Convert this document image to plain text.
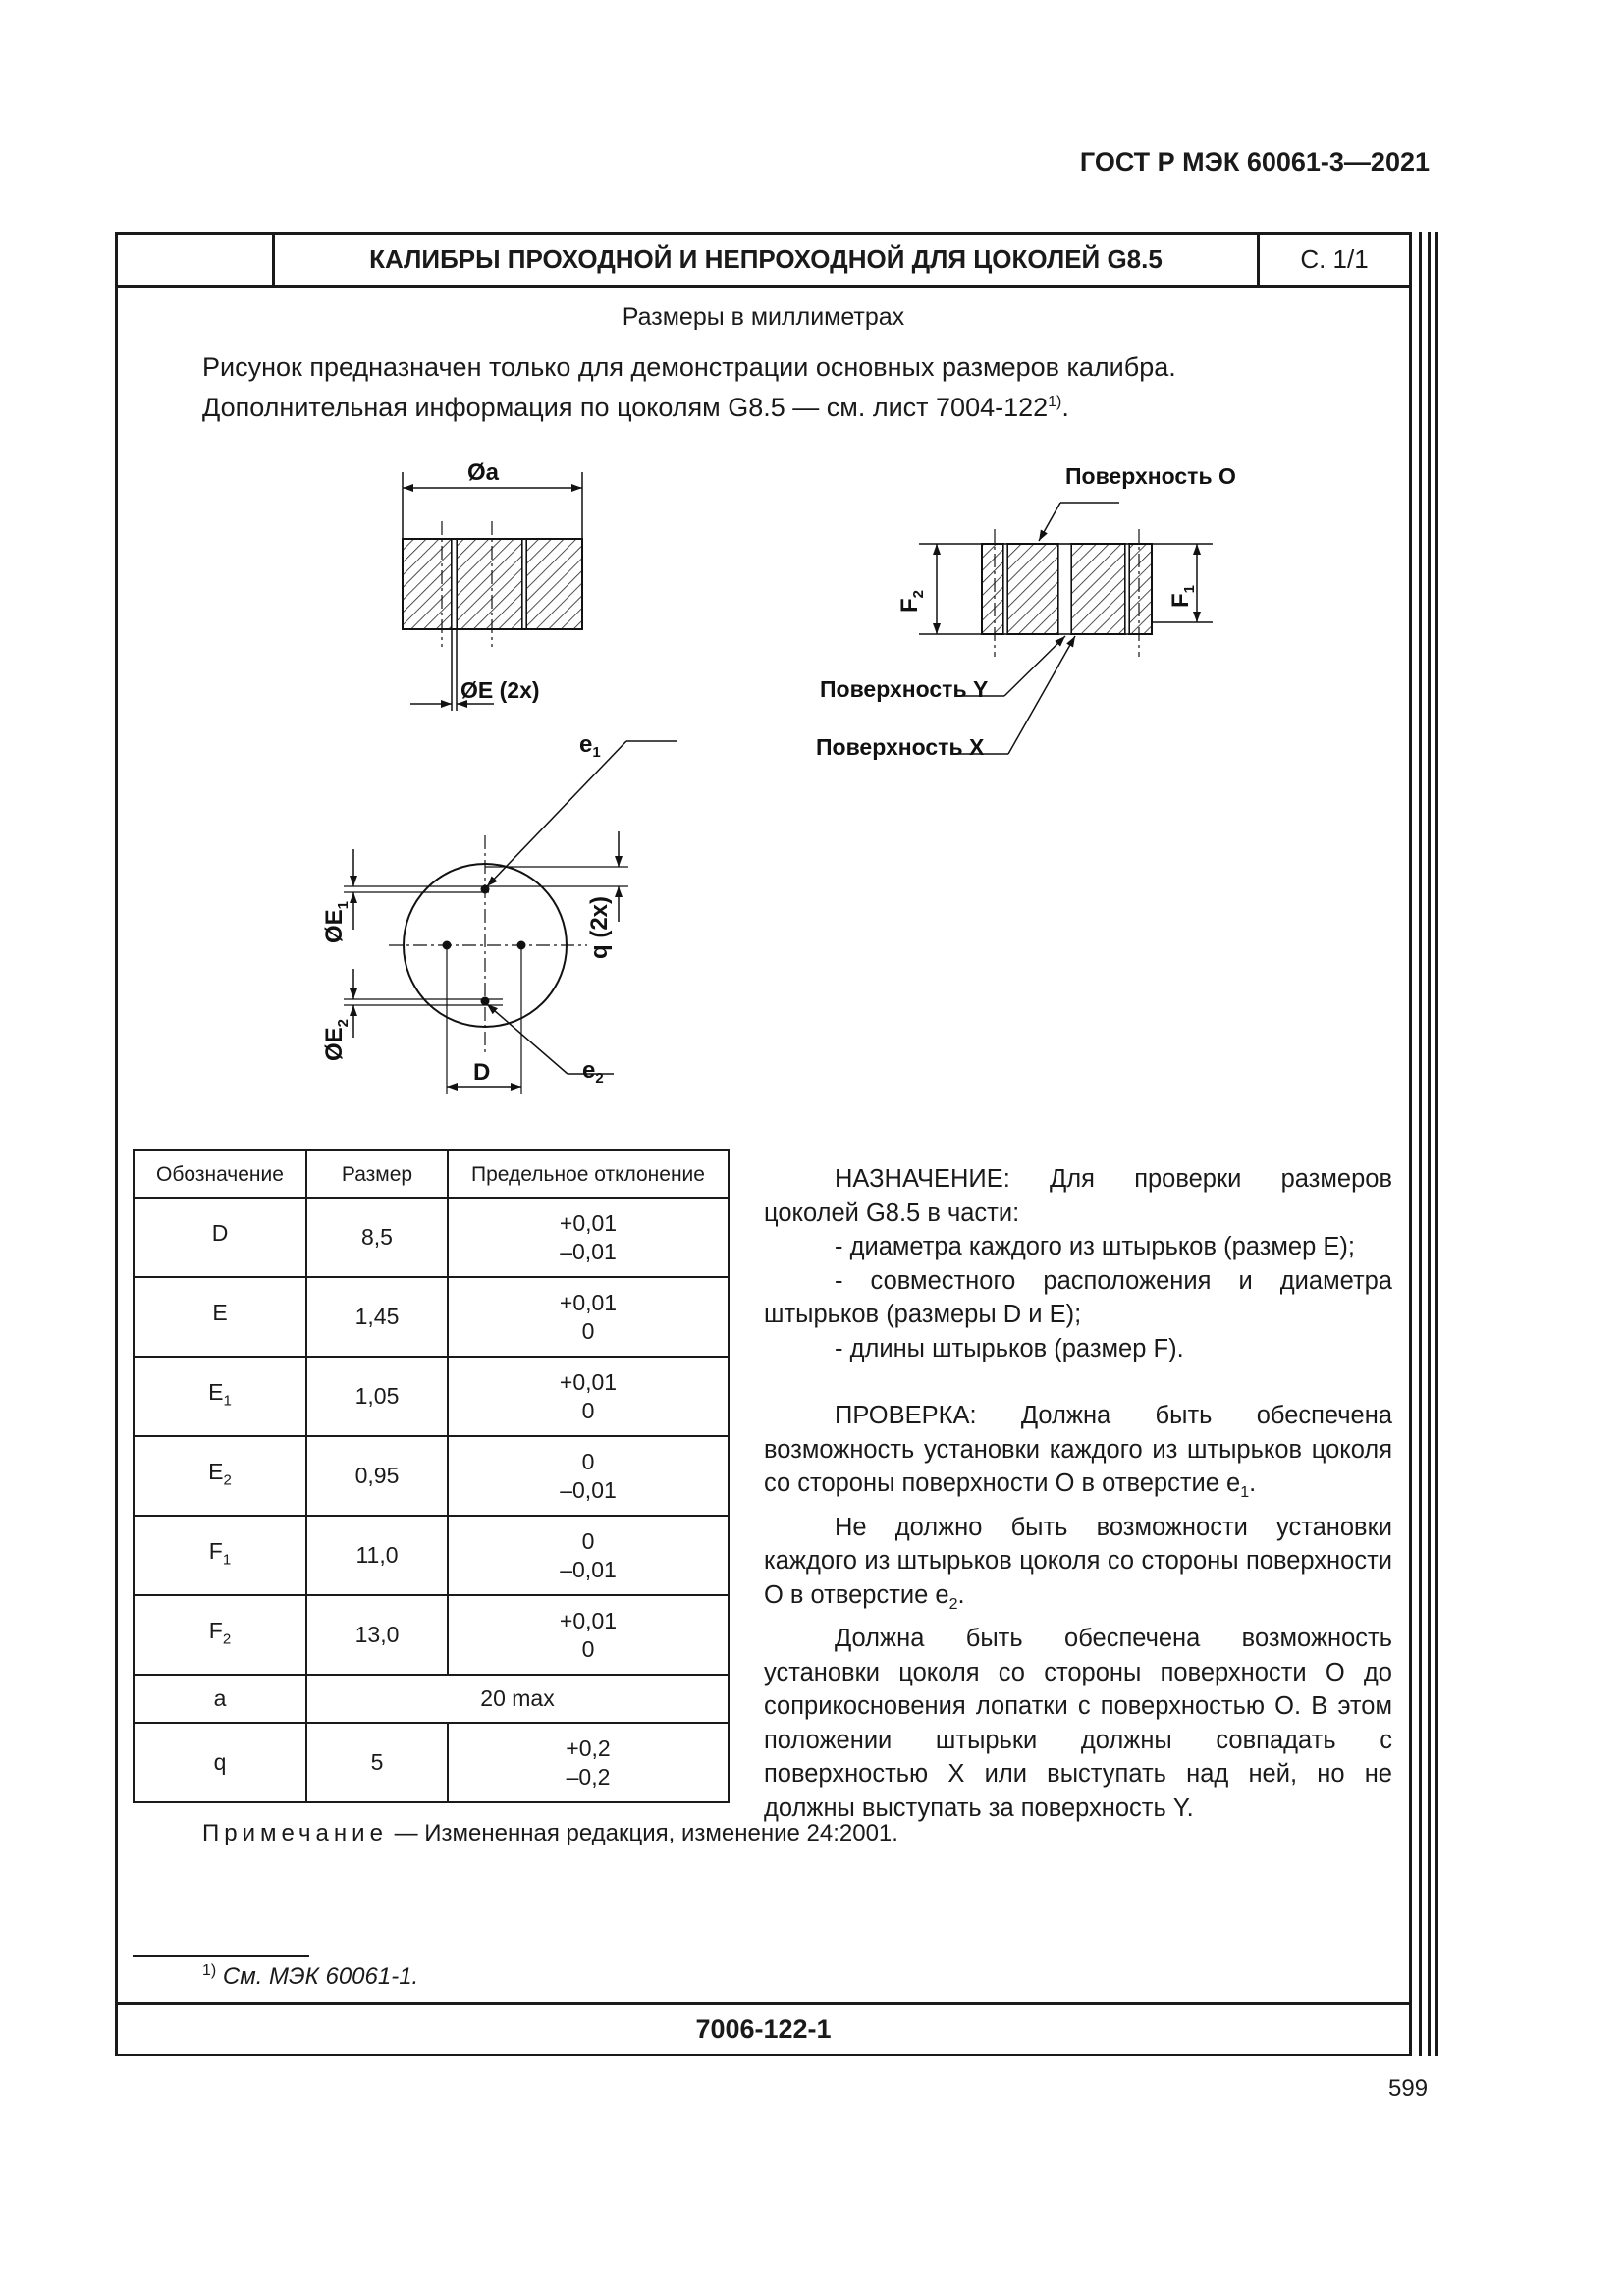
ГОСТ Р МЭК 60061-3—2021
КАЛИБРЫ ПРОХОДНОЙ И НЕПРОХОДНОЙ ДЛЯ ЦОКОЛЕЙ G8.5	С. 1/1
Размеры в миллиметрах
Рисунок предназначен только для демонстрации основных размеров калибра.
Дополнительная информация по цоколям G8.5 — см. лист 7004-122$^{1)}$.
Øa
ØE (2x)
Поверхность О
Поверхность Y
Поверхность X
$F_2$	$F_1$
$e_1$
$e_2$
$ØE_1$
$ØE_2$
q (2x)
D
Обозначение	Размер	Предельное отклонение
D	8,5	+0,01
–0,01

E	1,45	+0,01
0

$E_1$	1,05	+0,01
0

$E_2$	0,95	0
–0,01

$F_1$	11,0	0
–0,01

$F_2$	13,0	+0,01
0

a	20 max	
q	5	+0,2
–0,2

НАЗНАЧЕНИЕ: Для проверки размеров цоколей G8.5 в части:

- диаметра каждого из штырьков (размер E);

- совместного расположения и диаметра штырьков (размеры D и E);

- длины штырьков (размер F).

ПРОВЕРКА: Должна быть обеспечена возможность установки каждого из штырьков цоколя со стороны поверхности О в отверстие $e_1$.

Не должно быть возможности установки каждого из штырьков цоколя со стороны поверхности О в отверстие $e_2$.

Должна быть обеспечена возможность установки цоколя со стороны поверхности О до соприкосновения лопатки с поверхностью О. В этом положении штырьки должны совпадать с поверхностью X или выступать над ней, но не должны выступать за поверхность Y.

Примечание — Измененная редакция, изменение 24:2001.
$^{1)}$ См. МЭК 60061-1.
7006-122-1
599
